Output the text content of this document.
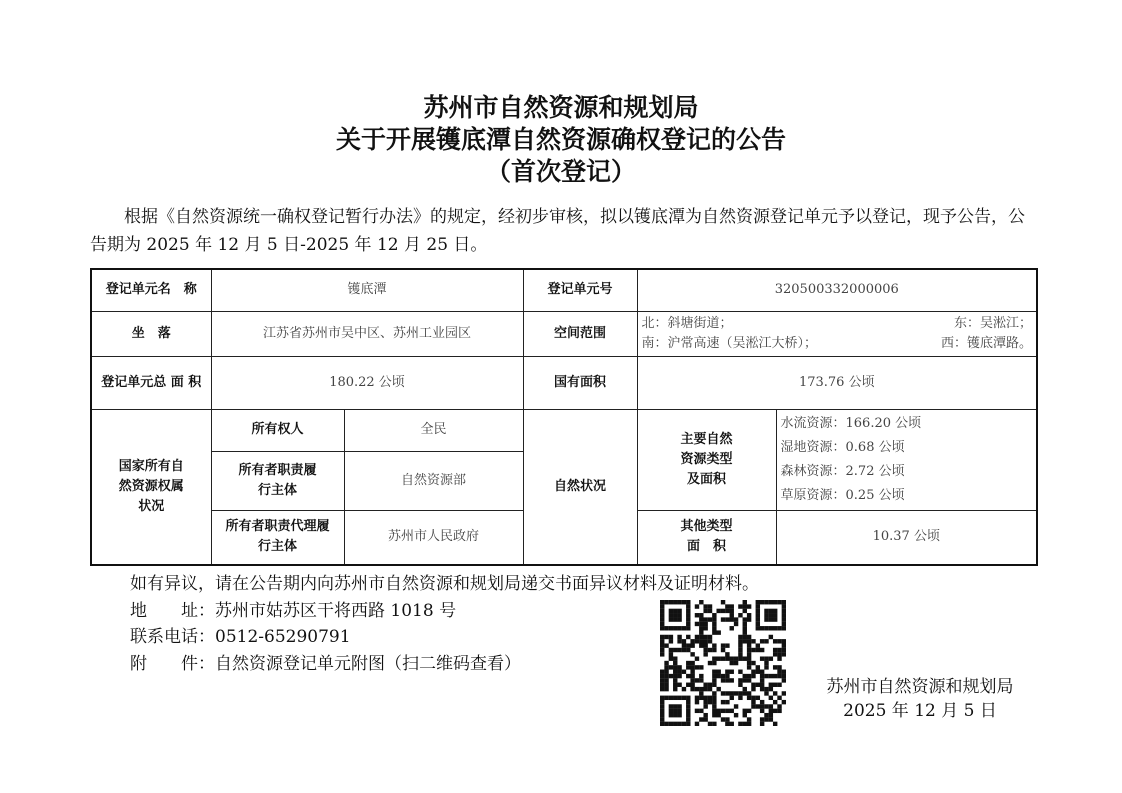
苏州市自然资源和规划局
关于开展镬底潭自然资源确权登记的公告
（首次登记）
　　根据《自然资源统一确权登记暂行办法》的规定，经初步审核，拟以镬底潭为自然资源登记单元予以登记，现予公告，公告期为 2025 年 12 月 5 日-2025 年 12 月 25 日。
登记单元名　称	镬底潭		登记单元号	320500332000006	
坐　落	江苏省苏州市吴中区、苏州工业园区		空间范围	北：斜塘街道； 东：吴淞江；
南：沪常高速（吴淞江大桥）； 西：镬底潭路。	

登记单元总 面 积	180.22 公顷		国有面积	173.76 公顷	
国家所有自然资源权属状况	所有权人	全民	自然状况	主要自然资源类型及面积	水流资源：166.20 公顷
湿地资源：0.68 公顷
森林资源：2.72 公顷
草原资源：0.25 公顷

	所有者职责履行主体	自然资源部			
	所有者职责代理履行主体	苏州市人民政府		其他类型面　积	10.37 公顷
如有异议，请在公告期内向苏州市自然资源和规划局递交书面异议材料及证明材料。
地　　址：苏州市姑苏区干将西路 1018 号
联系电话：0512-65290791
附　　件：自然资源登记单元附图（扫二维码查看）
苏州市自然资源和规划局
2025 年 12 月 5 日
